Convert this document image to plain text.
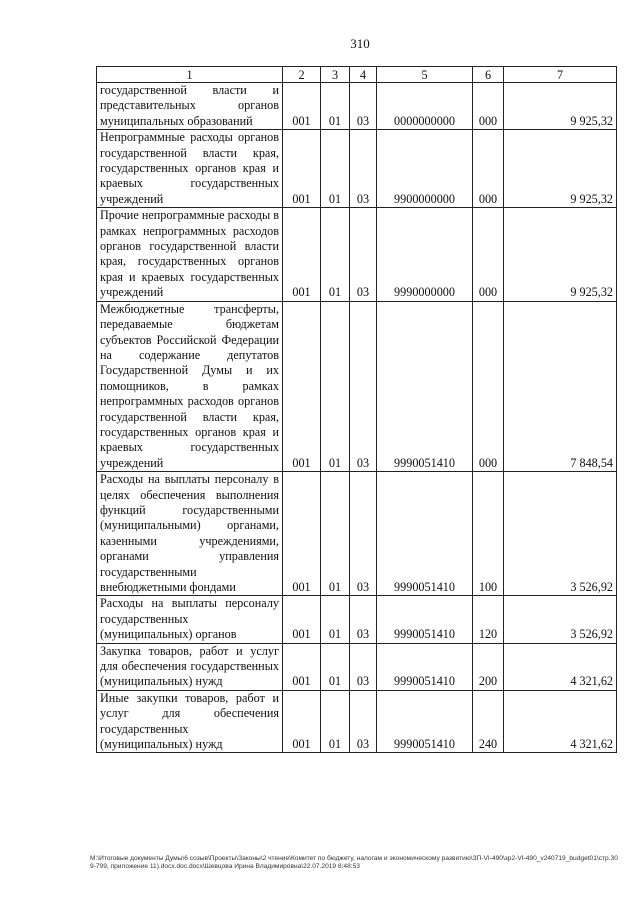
310
1	2	3	4	5	6	7
государственной власти и представительных органов муниципальных образований	001	01	03	0000000000	000	9 925,32
Непрограммные расходы органов государственной власти края, государственных органов края и краевых государственных учреждений	001	01	03	9900000000	000	9 925,32
Прочие непрограммные расходы в рамках непрограммных расходов органов государственной власти края, государственных органов края и краевых государственных учреждений	001	01	03	9990000000	000	9 925,32
Межбюджетные трансферты, передаваемые бюджетам субъектов Российской Федерации на содержание депутатов Государственной Думы и их помощников, в рамках непрограммных расходов органов государственной власти края, государственных органов края и краевых государственных учреждений	001	01	03	9990051410	000	7 848,54
Расходы на выплаты персоналу в целях обеспечения выполнения функций государственными (муниципальными) органами, казенными учреждениями, органами управления государственными внебюджетными фондами	001	01	03	9990051410	100	3 526,92
Расходы на выплаты персоналу государственных (муниципальных) органов	001	01	03	9990051410	120	3 526,92
Закупка товаров, работ и услуг для обеспечения государственных (муниципальных) нужд	001	01	03	9990051410	200	4 321,62
Иные закупки товаров, работ и услуг для обеспечения государственных (муниципальных) нужд	001	01	03	9990051410	240	4 321,62
M:\Итоговые документы Думы\6 созыв\Проекты\Законы\2 чтение\Комитет по бюджету, налогам и экономическому развитию\ЗП-VI-490\зр2-VI-490_v240719_budget01\стр.309-799, приложение 11).docx.doc.docx\Шевцова Ирина Владимировна\22.07.2019 8:48:53
